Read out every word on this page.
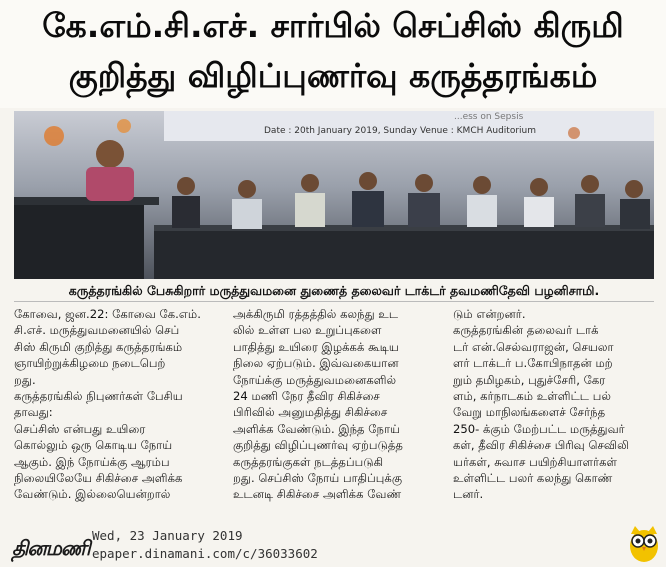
கே.எம்.சி.எச். சார்பில் செப்சிஸ் கிருமி
குறித்து விழிப்புணர்வு கருத்தரங்கம்
Date : 20th January 2019, Sunday Venue : KMCH Auditorium
...ess on Sepsis
கருத்தரங்கில் பேசுகிறார் மருத்துவமனை துணைத் தலைவர் டாக்டர் தவமணிதேவி பழனிசாமி.

கோவை, ஜன.22: கோவை கே.எம்.

சி.எச். மருத்துவமனையில் செப்

சிஸ் கிருமி குறித்து கருத்தரங்கம்

ஞாயிற்றுக்கிழமை நடைபெற்

றது.

கருத்தரங்கில் நிபுணர்கள் பேசிய

தாவது:

செப்சிஸ் என்பது உயிரை

கொல்லும் ஒரு கொடிய நோய்

ஆகும். இந் நோய்க்கு ஆரம்ப

நிலையிலேயே சிகிச்சை அளிக்க

வேண்டும். இல்லையென்றால்

அக்கிருமி ரத்தத்தில் கலந்து உட

லில் உள்ள பல உறுப்புகளை

பாதித்து உயிரை இழக்கக் கூடிய

நிலை ஏற்படும். இவ்வகையான

நோய்க்கு மருத்துவமனைகளில்

24 மணி நேர தீவிர சிகிச்சை

பிரிவில் அனுமதித்து சிகிச்சை

அளிக்க வேண்டும். இந்த நோய்

குறித்து விழிப்புணர்வு ஏற்படுத்த

கருத்தரங்குகள் நடத்தப்படுகி

றது. செப்சிஸ் நோய் பாதிப்புக்கு

உடனடி சிகிச்சை அளிக்க வேண்

டும் என்றனர்.

கருத்தரங்கின் தலைவர் டாக்

டர் என்.செல்வராஜன், செயலா

ளர் டாக்டர் ப.கோபிநாதன் மற்

றும் தமிழகம், புதுச்சேரி, கேர

ளம், கர்நாடகம் உள்ளிட்ட பல்

வேறு மாநிலங்களைச் சேர்ந்த

250- க்கும் மேற்பட்ட மருத்துவர்

கள், தீவிர சிகிச்சை பிரிவு செவிலி

யர்கள், சுவாச பயிற்சியாளர்கள்

உள்ளிட்ட பலர் கலந்து கொண்

டனர்.

தினமணி
Wed, 23 January 2019
epaper.dinamani.com/c/36033602
